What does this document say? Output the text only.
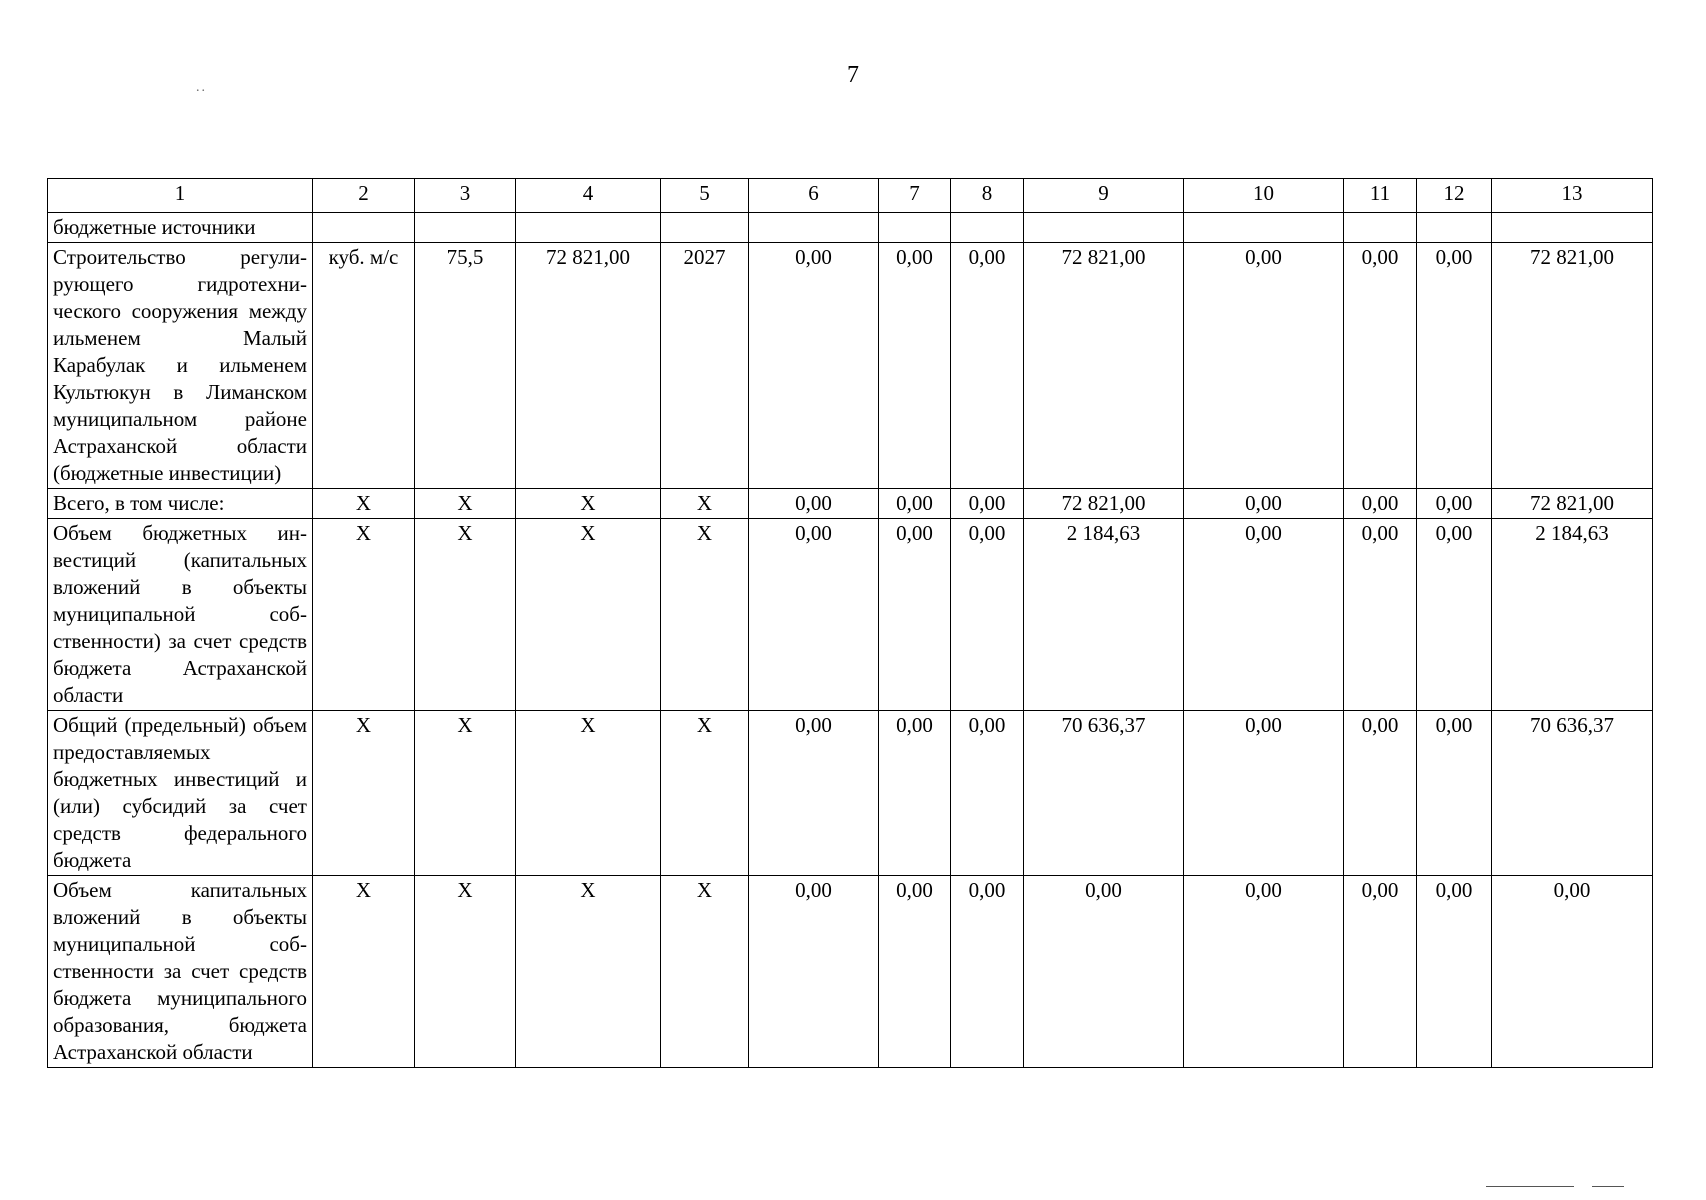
7
..
1	2	3	4	5	6	7	8	9	10	11	12	13
бюджетные источники												
Строительство регулирующего гидротехнического сооружения между ильменем Малый Карабулак и ильменем Культюкун в Лиманском муниципальном районе Астраханской области (бюджетные инвестиции)	куб. м/с	75,5	72 821,00	2027	0,00	0,00	0,00	72 821,00	0,00	0,00	0,00	72 821,00
Всего, в том числе:	Х	Х	Х	Х	0,00	0,00	0,00	72 821,00	0,00	0,00	0,00	72 821,00
Объем бюджетных инвестиций (капитальных вложений в объекты муниципальной собственности) за счет средств бюджета Астраханской области	Х	Х	Х	Х	0,00	0,00	0,00	2 184,63	0,00	0,00	0,00	2 184,63
Общий (предельный) объем предоставляемых бюджетных инвестиций и (или) субсидий за счет средств федерального бюджета	Х	Х	Х	Х	0,00	0,00	0,00	70 636,37	0,00	0,00	0,00	70 636,37
Объем капитальных вложений в объекты муниципальной собственности за счет средств бюджета муниципального образования, бюджета Астраханской области	Х	Х	Х	Х	0,00	0,00	0,00	0,00	0,00	0,00	0,00	0,00
